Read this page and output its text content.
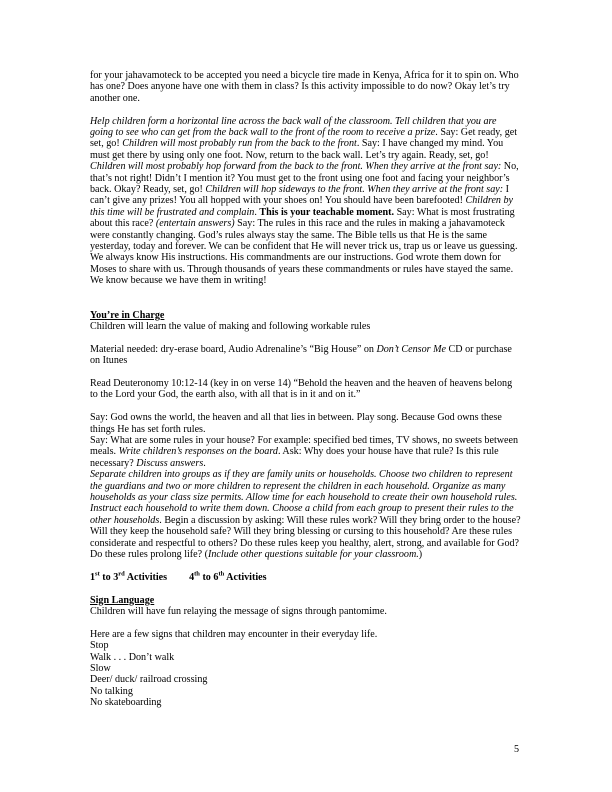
for your jahavamoteck to be accepted you need a bicycle tire made in Kenya, Africa for it to spin on. Who has one? Does anyone have one with them in class? Is this activity impossible to do now? Okay let’s try another one.

Help children form a horizontal line across the back wall of the classroom. Tell children that you are going to see who can get from the back wall to the front of the room to receive a prize. Say: Get ready, get set, go! Children will most probably run from the back to the front. Say: I have changed my mind. You must get there by using only one foot. Now, return to the back wall. Let’s try again. Ready, set, go! Children will most probably hop forward from the back to the front. When they arrive at the front say: No, that’s not right! Didn’t I mention it? You must get to the front using one foot and facing your neighbor’s back. Okay? Ready, set, go! Children will hop sideways to the front. When they arrive at the front say: I can’t give any prizes! You all hopped with your shoes on! You should have been barefooted! Children by this time will be frustrated and complain. This is your teachable moment. Say: What is most frustrating about this race? (entertain answers) Say: The rules in this race and the rules in making a jahavamoteck were constantly changing. God’s rules always stay the same. The Bible tells us that He is the same yesterday, today and forever. We can be confident that He will never trick us, trap us or leave us guessing. We always know His instructions. His commandments are our instructions. God wrote them down for Moses to share with us. Through thousands of years these commandments or rules have stayed the same. We know because we have them in writing!

You’re in Charge

Children will learn the value of making and following workable rules

Material needed: dry-erase board, Audio Adrenaline’s “Big House” on Don’t Censor Me CD or purchase on Itunes

Read Deuteronomy 10:12-14 (key in on verse 14) “Behold the heaven and the heaven of heavens belong to the Lord your God, the earth also, with all that is in it and on it.”

Say: God owns the world, the heaven and all that lies in between. Play song. Because God owns these things He has set forth rules.

Say: What are some rules in your house? For example: specified bed times, TV shows, no sweets between meals. Write children’s responses on the board. Ask: Why does your house have that rule? Is this rule necessary? Discuss answers.

Separate children into groups as if they are family units or households. Choose two children to represent the guardians and two or more children to represent the children in each household. Organize as many households as your class size permits. Allow time for each household to create their own household rules. Instruct each household to write them down. Choose a child from each group to present their rules to the other households. Begin a discussion by asking: Will these rules work? Will they bring order to the house? Will they keep the household safe? Will they bring blessing or cursing to this household? Are these rules considerate and respectful to others? Do these rules keep you healthy, alert, strong, and available for God? Do these rules prolong life? (Include other questions suitable for your classroom.)

1st to 3rd Activities 4th to 6th Activities

Sign Language

Children will have fun relaying the message of signs through pantomime.

Here are a few signs that children may encounter in their everyday life.

Stop

Walk . . . Don’t walk

Slow

Deer/ duck/ railroad crossing

No talking

No skateboarding

5
